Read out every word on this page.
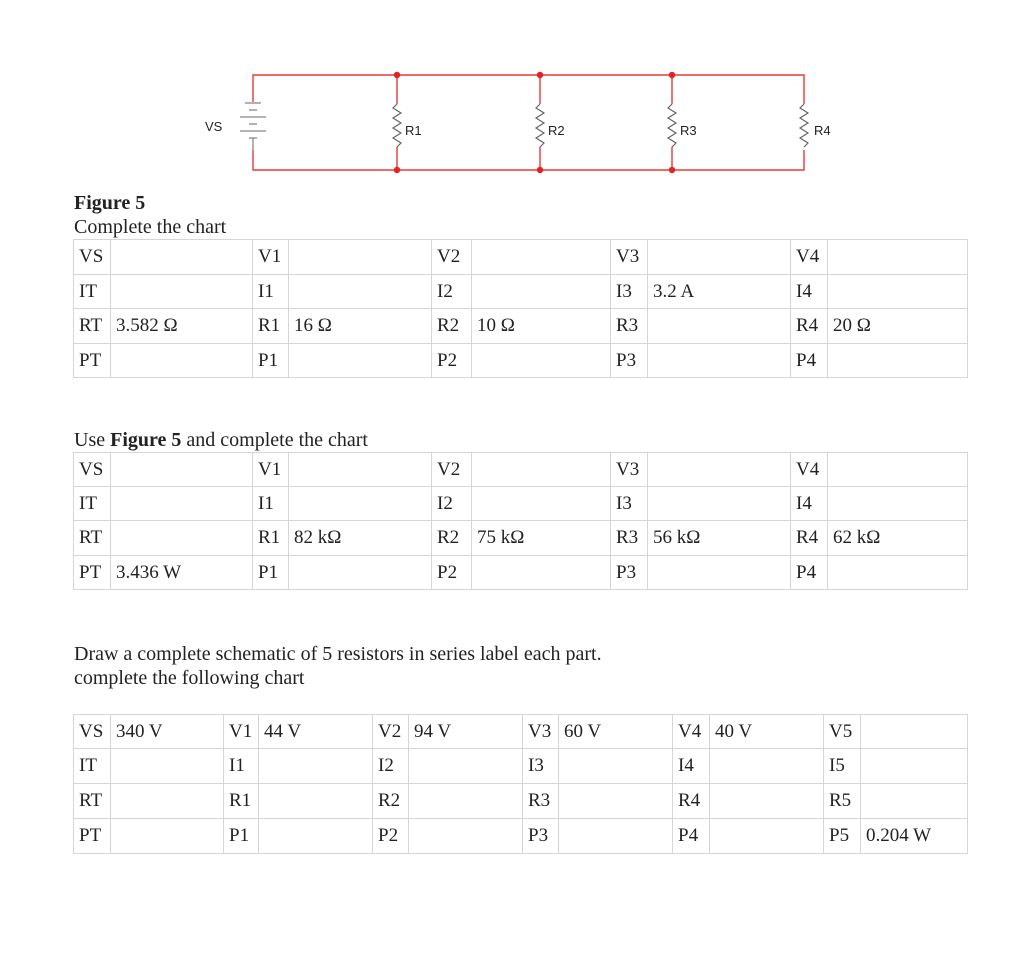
VS	R1	R2	R3	R4
Figure 5
Complete the chart
VS		V1		V2		V3		V4	
IT		I1		I2		I3	3.2 A	I4	
RT	3.582 Ω	R1	16 Ω	R2	10 Ω	R3		R4	20 Ω
PT		P1		P2		P3		P4	
Use Figure 5 and complete the chart
VS		V1		V2		V3		V4	
IT		I1		I2		I3		I4	
RT		R1	82 kΩ	R2	75 kΩ	R3	56 kΩ	R4	62 kΩ
PT	3.436 W	P1		P2		P3		P4	
Draw a complete schematic of 5 resistors in series label each part.
complete the following chart
VS	340 V	V1	44 V	V2	94 V	V3	60 V	V4	40 V	V5	
IT		I1		I2		I3		I4		I5	
RT		R1		R2		R3		R4		R5	
PT		P1		P2		P3		P4		P5	0.204 W
